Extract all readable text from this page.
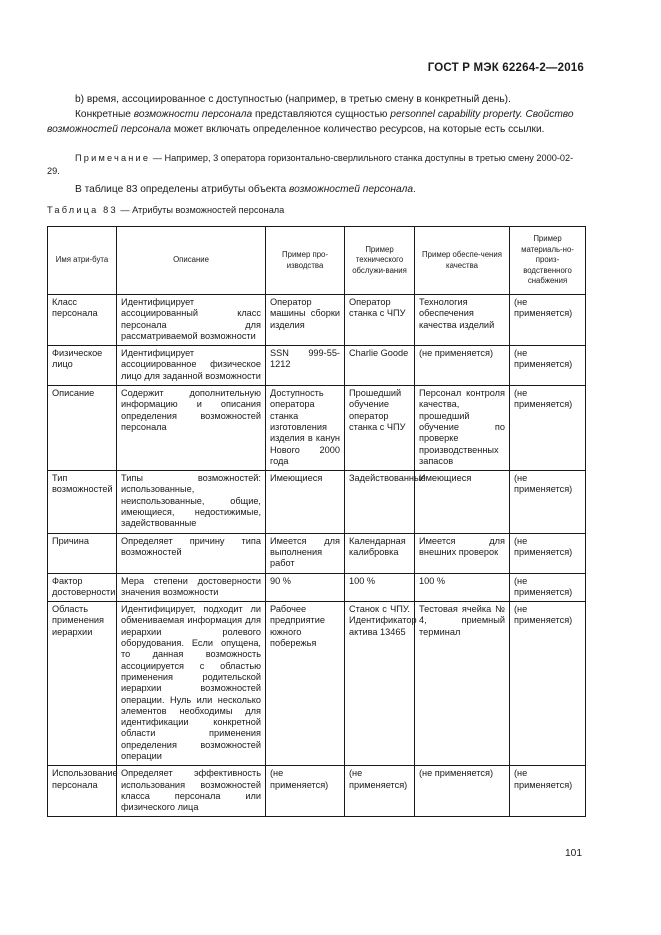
ГОСТ Р МЭК 62264-2—2016

b) время, ассоциированное с доступностью (например, в третью смену в конкретный день).

Конкретные возможности персонала представляются сущностью personnel capability property. Свойство возможностей персонала может включать определенное количество ресурсов, на которые есть ссылки.

Примечание — Например, 3 оператора горизонтально-сверлильного станка доступны в третью смену 2000-02-29.

В таблице 83 определены атрибуты объекта возможностей персонала.

Таблица 83 — Атрибуты возможностей персонала
Имя атри-бута	Описание	Пример про-изводства	Пример технического обслужи-вания	Пример обеспе-чения качества	Пример материаль-но-произ-водственного снабжения
Класс персонала	Идентифицирует ассоциированный класс персонала для рассматриваемой возможности	Оператор машины сборки изделия	Оператор станка с ЧПУ	Технология обеспечения качества изделий	(не применяется)
Физическое лицо	Идентифицирует ассоциированное физическое лицо для заданной возможности	SSN 999-55-1212	Charlie Goode	(не применяется)	(не применяется)
Описание	Содержит дополнительную информацию и описания определения возможностей персонала	Доступность оператора станка изготовления изделия в канун Нового 2000 года	Прошедший обучение оператор станка с ЧПУ	Персонал контроля качества, прошедший обучение по проверке производственных запасов	(не применяется)
Тип возможностей	Типы возможностей: использованные, неиспользованные, общие, имеющиеся, недостижимые, задействованные	Имеющиеся	Задействованные	Имеющиеся	(не применяется)
Причина	Определяет причину типа возможностей	Имеется для выполнения работ	Календарная калибровка	Имеется для внешних проверок	(не применяется)
Фактор достоверности	Мера степени достоверности значения возможности	90 %	100 %	100 %	(не применяется)
Область применения иерархии	Идентифицирует, подходит ли обмениваемая информация для иерархии ролевого оборудования. Если опущена, то данная возможность ассоциируется с областью применения родительской иерархии возможностей операции. Нуль или несколько элементов необходимы для идентификации конкретной области применения определения возможностей операции	Рабочее предприятие южного побережья	Станок с ЧПУ. Идентификатор актива 13465	Тестовая ячейка № 4, приемный терминал	(не применяется)
Использование персонала	Определяет эффективность использования возможностей класса персонала или физического лица	(не применяется)	(не применяется)	(не применяется)	(не применяется)
101
